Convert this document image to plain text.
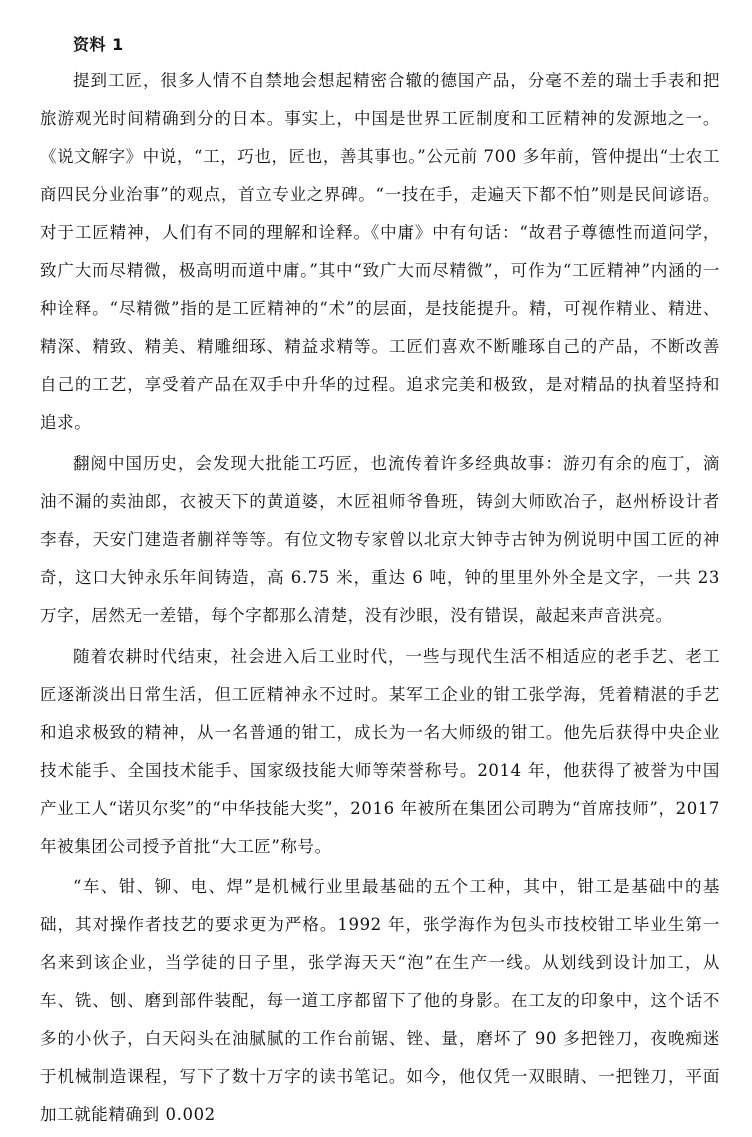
资料 1

提到工匠，很多人情不自禁地会想起精密合辙的德国产品，分毫不差的瑞士手表和把旅游观光时间精确到分的日本。事实上，中国是世界工匠制度和工匠精神的发源地之一。《说文解字》中说，“工，巧也，匠也，善其事也。”公元前 700 多年前，管仲提出“士农工商四民分业治事”的观点，首立专业之界碑。“一技在手，走遍天下都不怕”则是民间谚语。对于工匠精神，人们有不同的理解和诠释。《中庸》中有句话：“故君子尊德性而道问学，致广大而尽精微，极高明而道中庸。”其中“致广大而尽精微”，可作为“工匠精神”内涵的一种诠释。“尽精微”指的是工匠精神的“术”的层面，是技能提升。精，可视作精业、精进、精深、精致、精美、精雕细琢、精益求精等。工匠们喜欢不断雕琢自己的产品，不断改善自己的工艺，享受着产品在双手中升华的过程。追求完美和极致，是对精品的执着坚持和追求。

翻阅中国历史，会发现大批能工巧匠，也流传着许多经典故事：游刃有余的庖丁，滴油不漏的卖油郎，衣被天下的黄道婆，木匠祖师爷鲁班，铸剑大师欧冶子，赵州桥设计者李春，天安门建造者蒯祥等等。有位文物专家曾以北京大钟寺古钟为例说明中国工匠的神奇，这口大钟永乐年间铸造，高 6.75 米，重达 6 吨，钟的里里外外全是文字，一共 23 万字，居然无一差错，每个字都那么清楚，没有沙眼，没有错误，敲起来声音洪亮。

随着农耕时代结束，社会进入后工业时代，一些与现代生活不相适应的老手艺、老工匠逐渐淡出日常生活，但工匠精神永不过时。某军工企业的钳工张学海，凭着精湛的手艺和追求极致的精神，从一名普通的钳工，成长为一名大师级的钳工。他先后获得中央企业技术能手、全国技术能手、国家级技能大师等荣誉称号。2014 年，他获得了被誉为中国产业工人“诺贝尔奖”的“中华技能大奖”，2016 年被所在集团公司聘为“首席技师”，2017 年被集团公司授予首批“大工匠”称号。

“车、钳、铆、电、焊”是机械行业里最基础的五个工种，其中，钳工是基础中的基础，其对操作者技艺的要求更为严格。1992 年，张学海作为包头市技校钳工毕业生第一名来到该企业，当学徒的日子里，张学海天天“泡”在生产一线。从划线到设计加工，从车、铣、刨、磨到部件装配，每一道工序都留下了他的身影。在工友的印象中，这个话不多的小伙子，白天闷头在油腻腻的工作台前锯、锉、量，磨坏了 90 多把锉刀，夜晚痴迷于机械制造课程，写下了数十万字的读书笔记。如今，他仅凭一双眼睛、一把锉刀，平面加工就能精确到 0.002
